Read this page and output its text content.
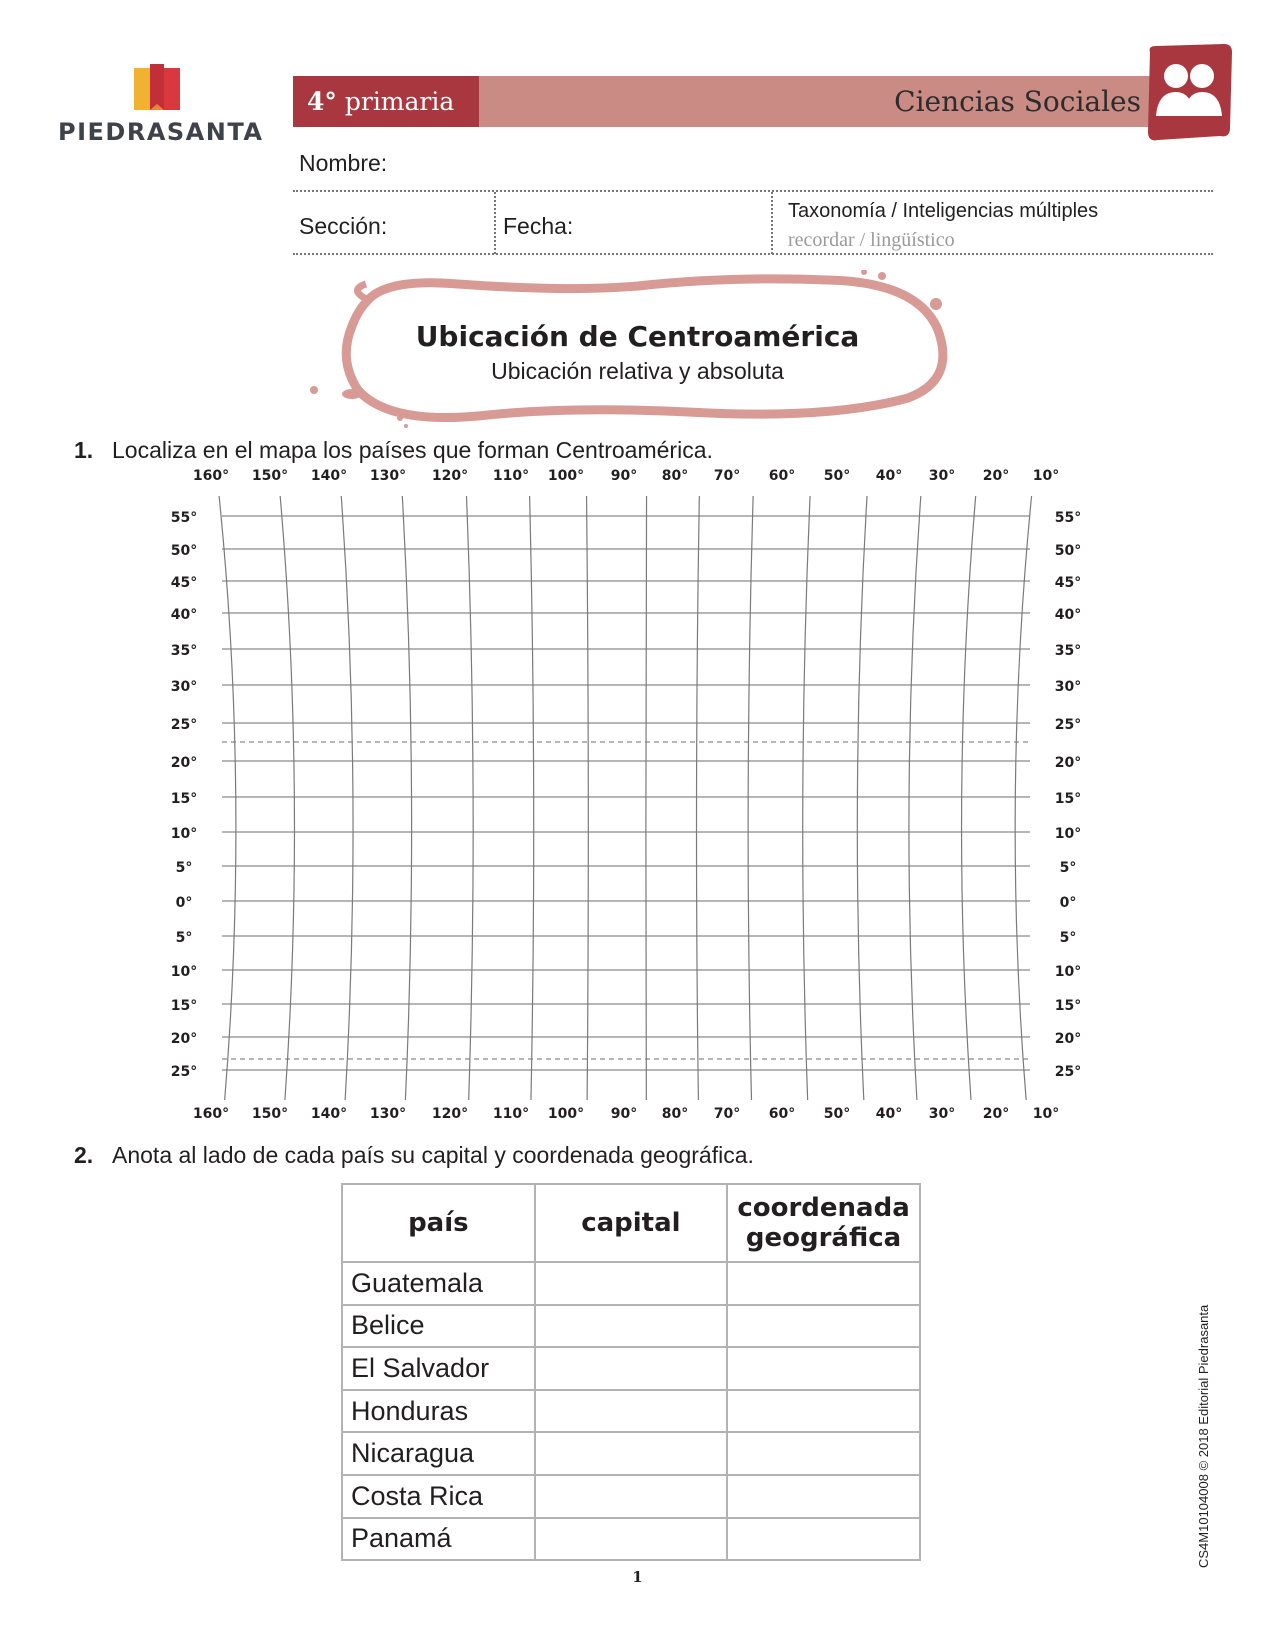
PIEDRASANTA
4° primaria	Ciencias Sociales
Nombre:
Sección:	Fecha:
Taxonomía / Inteligencias múltiples
recordar / lingüístico
Ubicación de Centroamérica
Ubicación relativa y absoluta
1. Localiza en el mapa los países que forman Centroamérica.
55°	55°
50°	50°
45°	45°
40°	40°
35°	35°
30°	30°
25°	25°
20°	20°
15°	15°
10°	10°
5°	5°
0°	0°
5°	5°
10°	10°
15°	15°
20°	20°
25°	25°
160°
160°
150°
150°
140°
140°
130°
130°
120°
120°
110°
110°
100°
100°
90°
90°
80°
80°
70°
70°
60°
60°
50°
50°
40°
40°
30°
30°
20°
20°
10°
10°
2. Anota al lado de cada país su capital y coordenada geográfica.
país	capital	coordenada geográfica
Guatemala		
Belice		
El Salvador		
Honduras		
Nicaragua		
Costa Rica		
Panamá		
1
CS4M10104008 © 2018 Editorial Piedrasanta
